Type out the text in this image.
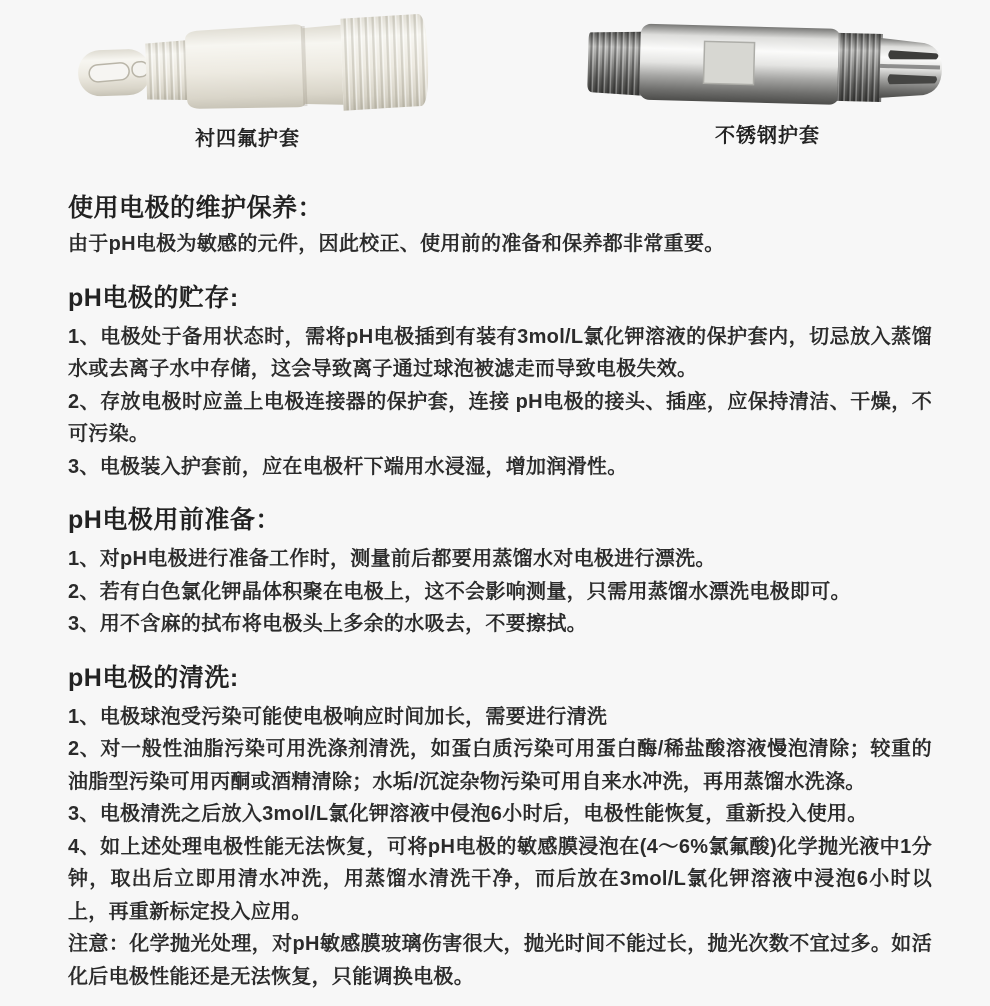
衬四氟护套	不锈钢护套
使用电极的维护保养：

由于pH电极为敏感的元件，因此校正、使用前的准备和保养都非常重要。

pH电极的贮存:

1、电极处于备用状态时，需将pH电极插到有装有3mol/L氯化钾溶液的保护套内，切忌放入蒸馏水或去离子水中存储，这会导致离子通过球泡被滤走而导致电极失效。

2、存放电极时应盖上电极连接器的保护套，连接 pH电极的接头、插座，应保持清洁、干燥，不可污染。

3、电极装入护套前，应在电极杆下端用水浸湿，增加润滑性。

pH电极用前准备：

1、对pH电极进行准备工作时，测量前后都要用蒸馏水对电极进行漂洗。

2、若有白色氯化钾晶体积聚在电极上，这不会影响测量，只需用蒸馏水漂洗电极即可。

3、用不含麻的拭布将电极头上多余的水吸去，不要擦拭。

pH电极的清洗:

1、电极球泡受污染可能使电极响应时间加长，需要进行清洗

2、对一般性油脂污染可用洗涤剂清洗，如蛋白质污染可用蛋白酶/稀盐酸溶液慢泡清除；较重的油脂型污染可用丙酮或酒精清除；水垢/沉淀杂物污染可用自来水冲洗，再用蒸馏水洗涤。

3、电极清洗之后放入3mol/L氯化钾溶液中侵泡6小时后，电极性能恢复，重新投入使用。

4、如上述处理电极性能无法恢复，可将pH电极的敏感膜浸泡在(4～6%氯氟酸)化学抛光液中1分钟，取出后立即用清水冲洗，用蒸馏水清洗干净，而后放在3mol/L氯化钾溶液中浸泡6小时以上，再重新标定投入应用。

注意：化学抛光处理，对pH敏感膜玻璃伤害很大，抛光时间不能过长，抛光次数不宜过多。如活化后电极性能还是无法恢复，只能调换电极。
